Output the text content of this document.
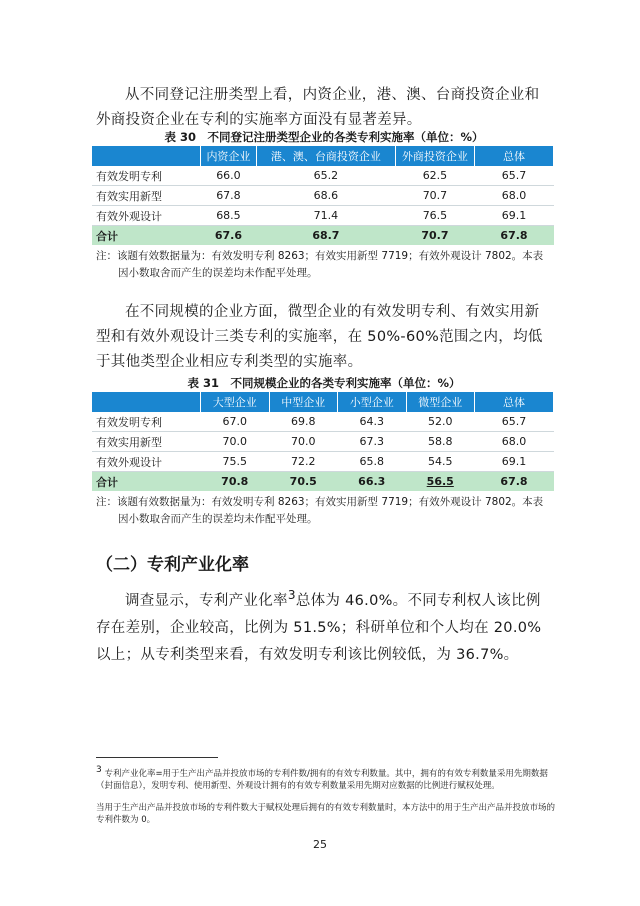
从不同登记注册类型上看，内资企业，港、澳、台商投资企业和外商投资企业在专利的实施率方面没有显著差异。

表 30　不同登记注册类型企业的各类专利实施率（单位：%）

	内资企业	港、澳、台商投资企业	外商投资企业	总体
有效发明专利	66.0	65.2	62.5	65.7
有效实用新型	67.8	68.6	70.7	68.0
有效外观设计	68.5	71.4	76.5	69.1
合计	67.6	68.7	70.7	67.8
注：该题有效数据量为：有效发明专利 8263；有效实用新型 7719；有效外观设计 7802。本表
因小数取舍而产生的误差均未作配平处理。

在不同规模的企业方面，微型企业的有效发明专利、有效实用新型和有效外观设计三类专利的实施率，在 50%-60%范围之内，均低于其他类型企业相应专利类型的实施率。

表 31　不同规模企业的各类专利实施率（单位：%）

	大型企业	中型企业	小型企业	微型企业	总体
有效发明专利	67.0	69.8	64.3	52.0	65.7
有效实用新型	70.0	70.0	67.3	58.8	68.0
有效外观设计	75.5	72.2	65.8	54.5	69.1
合计	70.8	70.5	66.3	56.5	67.8
注：该题有效数据量为：有效发明专利 8263；有效实用新型 7719；有效外观设计 7802。本表
因小数取舍而产生的误差均未作配平处理。
（二）专利产业化率

调查显示，专利产业化率$^3$总体为 46.0%。不同专利权人该比例存在差别，企业较高，比例为 51.5%；科研单位和个人均在 20.0%以上；从专利类型来看，有效发明专利该比例较低，为 36.7%。

$^3$ 专利产业化率=用于生产出产品并投放市场的专利件数/拥有的有效专利数量。其中，拥有的有效专利数量采用先期数据（封面信息），发明专利、使用新型、外观设计拥有的有效专利数量采用先期对应数据的比例进行赋权处理。

当用于生产出产品并投放市场的专利件数大于赋权处理后拥有的有效专利数量时，本方法中的用于生产出产品并投放市场的专利件数为 0。

25
